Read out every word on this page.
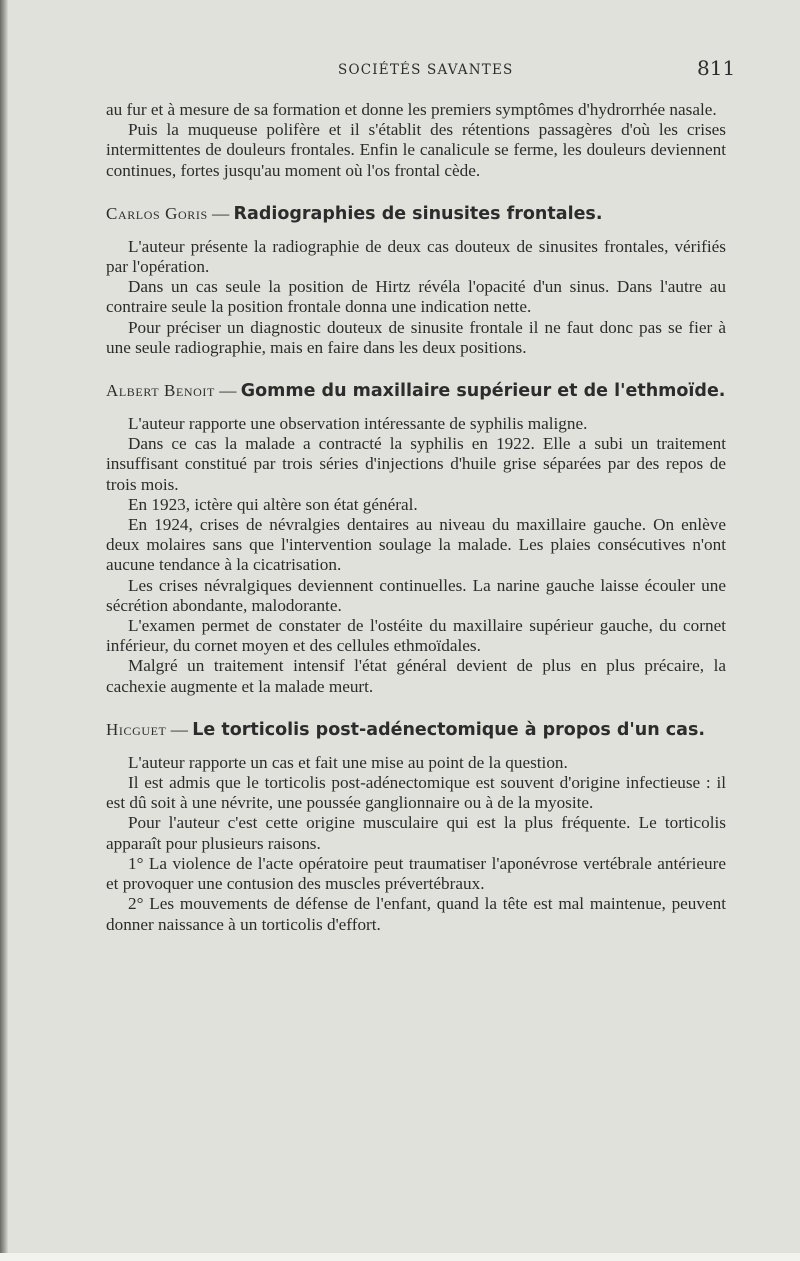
SOCIÉTÉS SAVANTES	811

au fur et à mesure de sa formation et donne les premiers symptômes d'hydrorrhée nasale.

Puis la muqueuse polifère et il s'établit des rétentions passagères d'où les crises intermittentes de douleurs frontales. Enfin le canalicule se ferme, les douleurs deviennent continues, fortes jusqu'au moment où l'os frontal cède.

Carlos Goris — Radiographies de sinusites frontales.

L'auteur présente la radiographie de deux cas douteux de sinusites frontales, vérifiés par l'opération.

Dans un cas seule la position de Hirtz révéla l'opacité d'un sinus. Dans l'autre au contraire seule la position frontale donna une indication nette.

Pour préciser un diagnostic douteux de sinusite frontale il ne faut donc pas se fier à une seule radiographie, mais en faire dans les deux positions.

Albert Benoit — Gomme du maxillaire supérieur et de l'ethmoïde.

L'auteur rapporte une observation intéressante de syphilis maligne.

Dans ce cas la malade a contracté la syphilis en 1922. Elle a subi un traitement insuffisant constitué par trois séries d'injections d'huile grise séparées par des repos de trois mois.

En 1923, ictère qui altère son état général.

En 1924, crises de névralgies dentaires au niveau du maxillaire gauche. On enlève deux molaires sans que l'intervention soulage la malade. Les plaies consécutives n'ont aucune tendance à la cicatrisation.

Les crises névralgiques deviennent continuelles. La narine gauche laisse écouler une sécrétion abondante, malodorante.

L'examen permet de constater de l'ostéite du maxillaire supérieur gauche, du cornet inférieur, du cornet moyen et des cellules ethmoïdales.

Malgré un traitement intensif l'état général devient de plus en plus précaire, la cachexie augmente et la malade meurt.

Hicguet — Le torticolis post-adénectomique à propos d'un cas.

L'auteur rapporte un cas et fait une mise au point de la question.

Il est admis que le torticolis post-adénectomique est souvent d'origine infectieuse : il est dû soit à une névrite, une poussée ganglionnaire ou à de la myosite.

Pour l'auteur c'est cette origine musculaire qui est la plus fréquente. Le torticolis apparaît pour plusieurs raisons.

1° La violence de l'acte opératoire peut traumatiser l'aponévrose vertébrale antérieure et provoquer une contusion des muscles prévertébraux.

2° Les mouvements de défense de l'enfant, quand la tête est mal maintenue, peuvent donner naissance à un torticolis d'effort.
